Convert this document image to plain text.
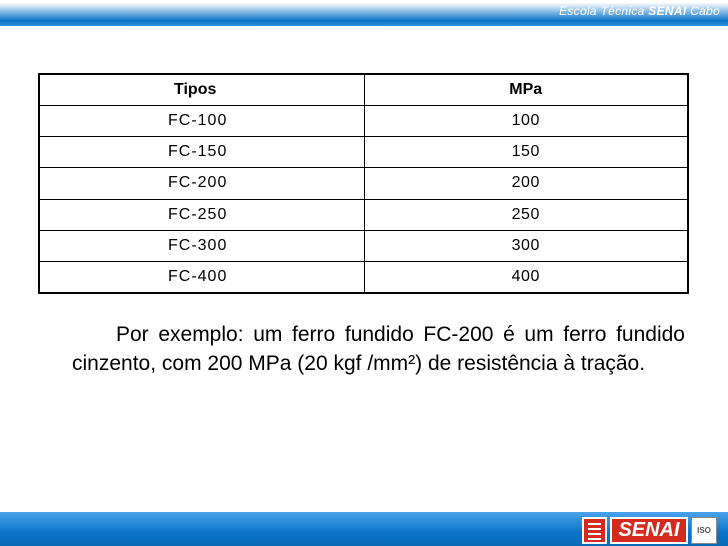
Escola Técnica SENAI Cabo
Tipos	MPa
FC-100	100
FC-150	150
FC-200	200
FC-250	250
FC-300	300
FC-400	400
Por exemplo: um ferro fundido FC-200 é um ferro fundido cinzento, com 200 MPa (20 kgf /mm²) de resistência à tração.
SENAI	ISO
